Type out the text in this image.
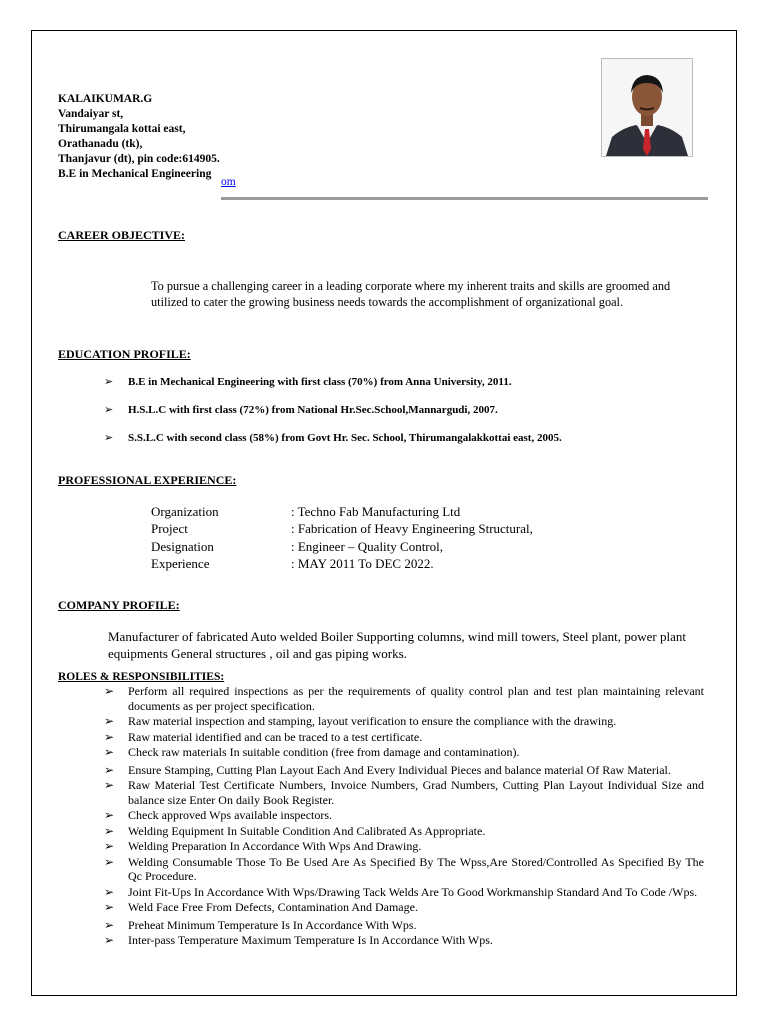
KALAIKUMAR.G
Vandaiyar st,
Thirumangala kottai east,
Orathanadu (tk),
Thanjavur (dt), pin code:614905.
B.E in Mechanical Engineering
om
CAREER OBJECTIVE:
To pursue a challenging career in a leading corporate where my inherent traits and skills are groomed and utilized to cater the growing business needs towards the accomplishment of organizational goal.
EDUCATION PROFILE:
➢ B.E in Mechanical Engineering with first class (70%) from Anna University, 2011.
➢ H.S.L.C with first class (72%) from National Hr.Sec.School,Mannargudi, 2007.
➢ S.S.L.C with second class (58%) from Govt Hr. Sec. School, Thirumangalakkottai east, 2005.
PROFESSIONAL EXPERIENCE:
Organization	: Techno Fab Manufacturing Ltd
Project	: Fabrication of Heavy Engineering Structural,
Designation	: Engineer – Quality Control,
Experience	: MAY 2011 To DEC 2022.
COMPANY PROFILE:
Manufacturer of fabricated Auto welded Boiler Supporting columns, wind mill towers, Steel plant, power plant equipments General structures , oil and gas piping works.
ROLES & RESPONSIBILITIES:
➢ Perform all required inspections as per the requirements of quality control plan and test plan maintaining relevant documents as per project specification.
➢ Raw material inspection and stamping, layout verification to ensure the compliance with the drawing.
➢ Raw material identified and can be traced to a test certificate.
➢ Check raw materials In suitable condition (free from damage and contamination).
➢ Ensure Stamping, Cutting Plan Layout Each And Every Individual Pieces and balance material Of Raw Material.
➢ Raw Material Test Certificate Numbers, Invoice Numbers, Grad Numbers, Cutting Plan Layout Individual Size and balance size Enter On daily Book Register.
➢ Check approved Wps available inspectors.
➢ Welding Equipment In Suitable Condition And Calibrated As Appropriate.
➢ Welding Preparation In Accordance With Wps And Drawing.
➢ Welding Consumable Those To Be Used Are As Specified By The Wpss,Are Stored/Controlled As Specified By The Qc Procedure.
➢ Joint Fit-Ups In Accordance With Wps/Drawing Tack Welds Are To Good Workmanship Standard And To Code /Wps.
➢ Weld Face Free From Defects, Contamination And Damage.
➢ Preheat Minimum Temperature Is In Accordance With Wps.
➢ Inter-pass Temperature Maximum Temperature Is In Accordance With Wps.
